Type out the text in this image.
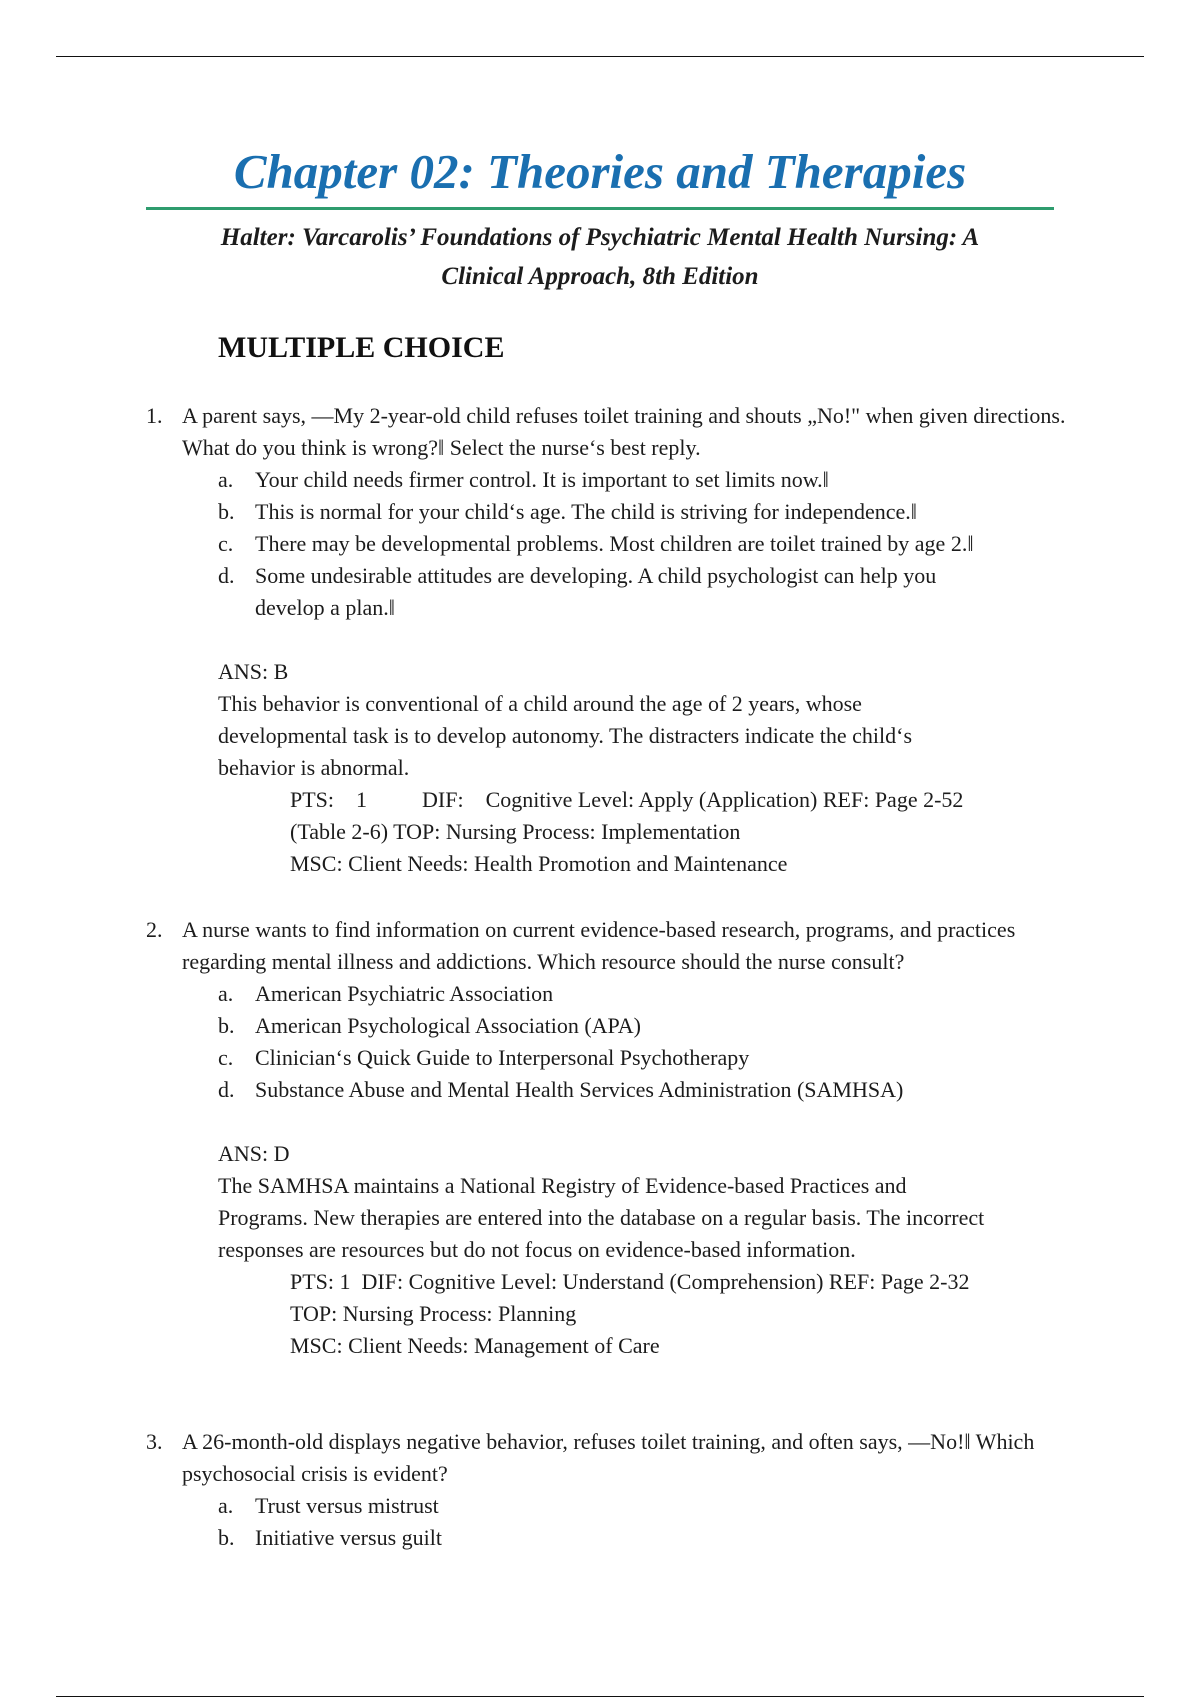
Chapter 02: Theories and Therapies
Halter: Varcarolis’ Foundations of Psychiatric Mental Health Nursing: A
Clinical Approach, 8th Edition
MULTIPLE CHOICE
1. A parent says, ―My 2-year-old child refuses toilet training and shouts „No!" when given directions. What do you think is wrong?‖ Select the nurse‘s best reply.
a. Your child needs firmer control. It is important to set limits now.‖
b. This is normal for your child‘s age. The child is striving for independence.‖
c. There may be developmental problems. Most children are toilet trained by age 2.‖
d. Some undesirable attitudes are developing. A child psychologist can help you develop a plan.‖
ANS: B
This behavior is conventional of a child around the age of 2 years, whose developmental task is to develop autonomy. The distracters indicate the child‘s behavior is abnormal.
PTS:    1          DIF:    Cognitive Level: Apply (Application) REF: Page 2-52
(Table 2-6) TOP: Nursing Process: Implementation
MSC: Client Needs: Health Promotion and Maintenance
2. A nurse wants to find information on current evidence-based research, programs, and practices regarding mental illness and addictions. Which resource should the nurse consult?
a. American Psychiatric Association
b. American Psychological Association (APA)
c. Clinician‘s Quick Guide to Interpersonal Psychotherapy
d. Substance Abuse and Mental Health Services Administration (SAMHSA)
ANS: D
The SAMHSA maintains a National Registry of Evidence-based Practices and Programs. New therapies are entered into the database on a regular basis. The incorrect responses are resources but do not focus on evidence-based information.
PTS: 1  DIF: Cognitive Level: Understand (Comprehension) REF: Page 2-32
TOP: Nursing Process: Planning
MSC: Client Needs: Management of Care
3. A 26-month-old displays negative behavior, refuses toilet training, and often says, ―No!‖ Which psychosocial crisis is evident?
a. Trust versus mistrust
b. Initiative versus guilt
